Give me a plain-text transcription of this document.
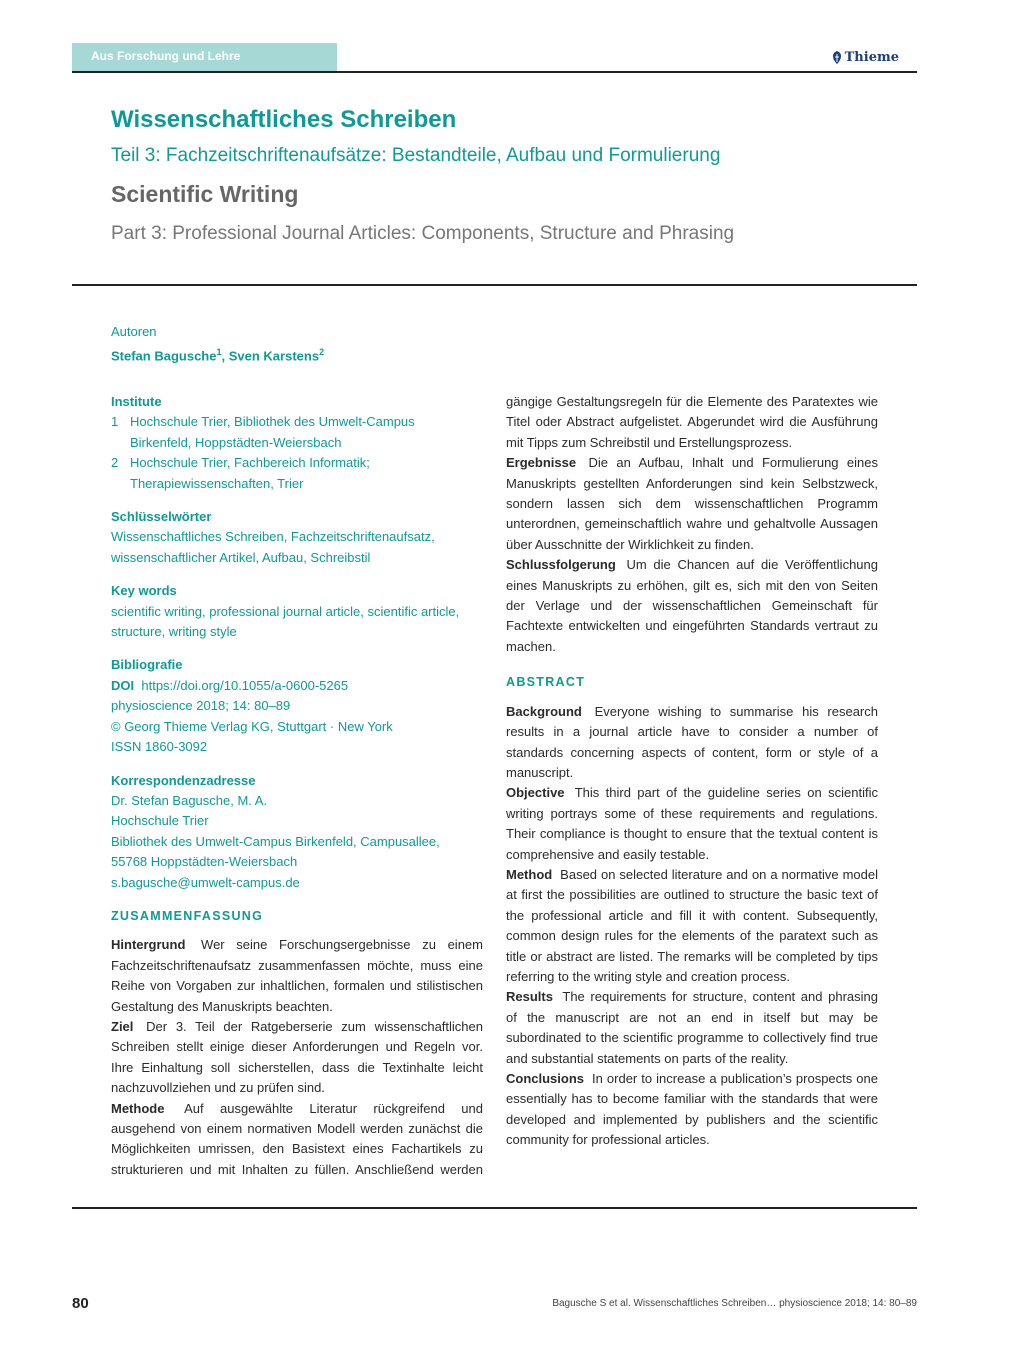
Aus Forschung und Lehre	Thieme
Wissenschaftliches Schreiben
Teil 3: Fachzeitschriftenaufsätze: Bestandteile, Aufbau und Formulierung
Scientific Writing
Part 3: Professional Journal Articles: Components, Structure and Phrasing
Autoren
Stefan Bagusche$^1$, Sven Karstens$^2$
Institute
1 Hochschule Trier, Bibliothek des Umwelt-Campus
Birkenfeld, Hoppstädten-Weiersbach
2 Hochschule Trier, Fachbereich Informatik;
Therapiewissenschaften, Trier
Schlüsselwörter
Wissenschaftliches Schreiben, Fachzeitschriftenaufsatz,
wissenschaftlicher Artikel, Aufbau, Schreibstil
Key words
scientific writing, professional journal article, scientific article,
structure, writing style
Bibliografie
DOI https://doi.org/10.1055/a-0600-5265
physioscience 2018; 14: 80–89
© Georg Thieme Verlag KG, Stuttgart · New York
ISSN 1860-3092
Korrespondenzadresse
Dr. Stefan Bagusche, M. A.
Hochschule Trier
Bibliothek des Umwelt-Campus Birkenfeld, Campusallee,
55768 Hoppstädten-Weiersbach
s.bagusche@umwelt-campus.de
ZUSAMMENFASSUNG
Hintergrund Wer seine Forschungsergebnisse zu einem Fachzeitschriftenaufsatz zusammenfassen möchte, muss eine Reihe von Vorgaben zur inhaltlichen, formalen und stilistischen Gestaltung des Manuskripts beachten.
Ziel Der 3. Teil der Ratgeberserie zum wissenschaftlichen Schreiben stellt einige dieser Anforderungen und Regeln vor. Ihre Einhaltung soll sicherstellen, dass die Textinhalte leicht nachzuvollziehen und zu prüfen sind.
Methode Auf ausgewählte Literatur rückgreifend und ausgehend von einem normativen Modell werden zunächst die Möglichkeiten umrissen, den Basistext eines Fachartikels zu strukturieren und mit Inhalten zu füllen. Anschließend werden
gängige Gestaltungsregeln für die Elemente des Paratextes wie Titel oder Abstract aufgelistet. Abgerundet wird die Ausführung mit Tipps zum Schreibstil und Erstellungsprozess.
Ergebnisse Die an Aufbau, Inhalt und Formulierung eines Manuskripts gestellten Anforderungen sind kein Selbstzweck, sondern lassen sich dem wissenschaftlichen Programm unterordnen, gemeinschaftlich wahre und gehaltvolle Aussagen über Ausschnitte der Wirklichkeit zu finden.
Schlussfolgerung Um die Chancen auf die Veröffentlichung eines Manuskripts zu erhöhen, gilt es, sich mit den von Seiten der Verlage und der wissenschaftlichen Gemeinschaft für Fachtexte entwickelten und eingeführten Standards vertraut zu machen.
ABSTRACT
Background Everyone wishing to summarise his research results in a journal article have to consider a number of standards concerning aspects of content, form or style of a manuscript.
Objective This third part of the guideline series on scientific writing portrays some of these requirements and regulations. Their compliance is thought to ensure that the textual content is comprehensive and easily testable.
Method Based on selected literature and on a normative model at first the possibilities are outlined to structure the basic text of the professional article and fill it with content. Subsequently, common design rules for the elements of the paratext such as title or abstract are listed. The remarks will be completed by tips referring to the writing style and creation process.
Results The requirements for structure, content and phrasing of the manuscript are not an end in itself but may be subordinated to the scientific programme to collectively find true and substantial statements on parts of the reality.
Conclusions In order to increase a publication’s prospects one essentially has to become familiar with the standards that were developed and implemented by publishers and the scientific community for professional articles.
80	Bagusche S et al. Wissenschaftliches Schreiben… physioscience 2018; 14: 80–89
